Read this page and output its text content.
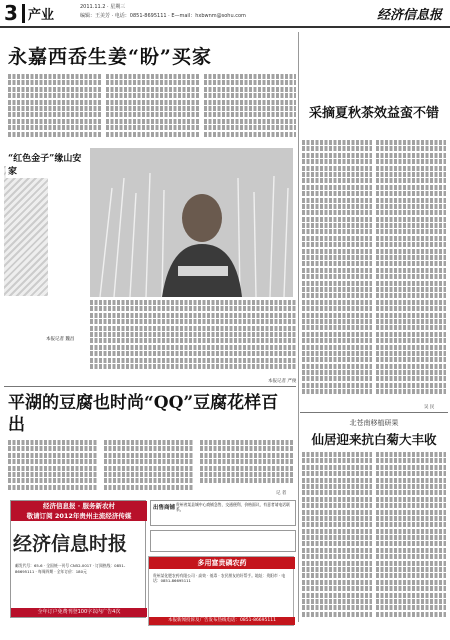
3 产业
2011.11.2 · 星期三
编辑：王美芳 · 电话：0851-8695111 · E—mail：hxbwnm@sohu.com	经济信息报
永嘉西岙生姜“盼”买家
“红色金子”缘山安家
本报记者 魏昌
本报记者 严俊
采摘夏秋茶效益蛮不错
吴 民
北苍南移植研果
仙居迎来抗白菊大丰收
平湖的豆腐也时尚“QQ”豆腐花样百出
记 者
经济信息报 · 服务新农村
敬请订阅 2012年贵州主流经济传媒
经济信息时报
邮发代号：65-6 · 全国统一刊号 CN52-0017 · 订阅热线：0851-86695111 · 每周四期 · 全年订价：180元
全年订户免费刊登100字以内广告4次
出售商铺
贵州省某县城中心商铺急售，交通便利，价格面议，有意者请电话联系。
多用富贵磷农药
贵州某化肥农药有限公司 · 高效 · 低毒 · 农民朋友的好帮手。地址：贵阳市 · 电话：0851-86695111
本报新闻投诉及广告发布热线电话：0851-86695111
